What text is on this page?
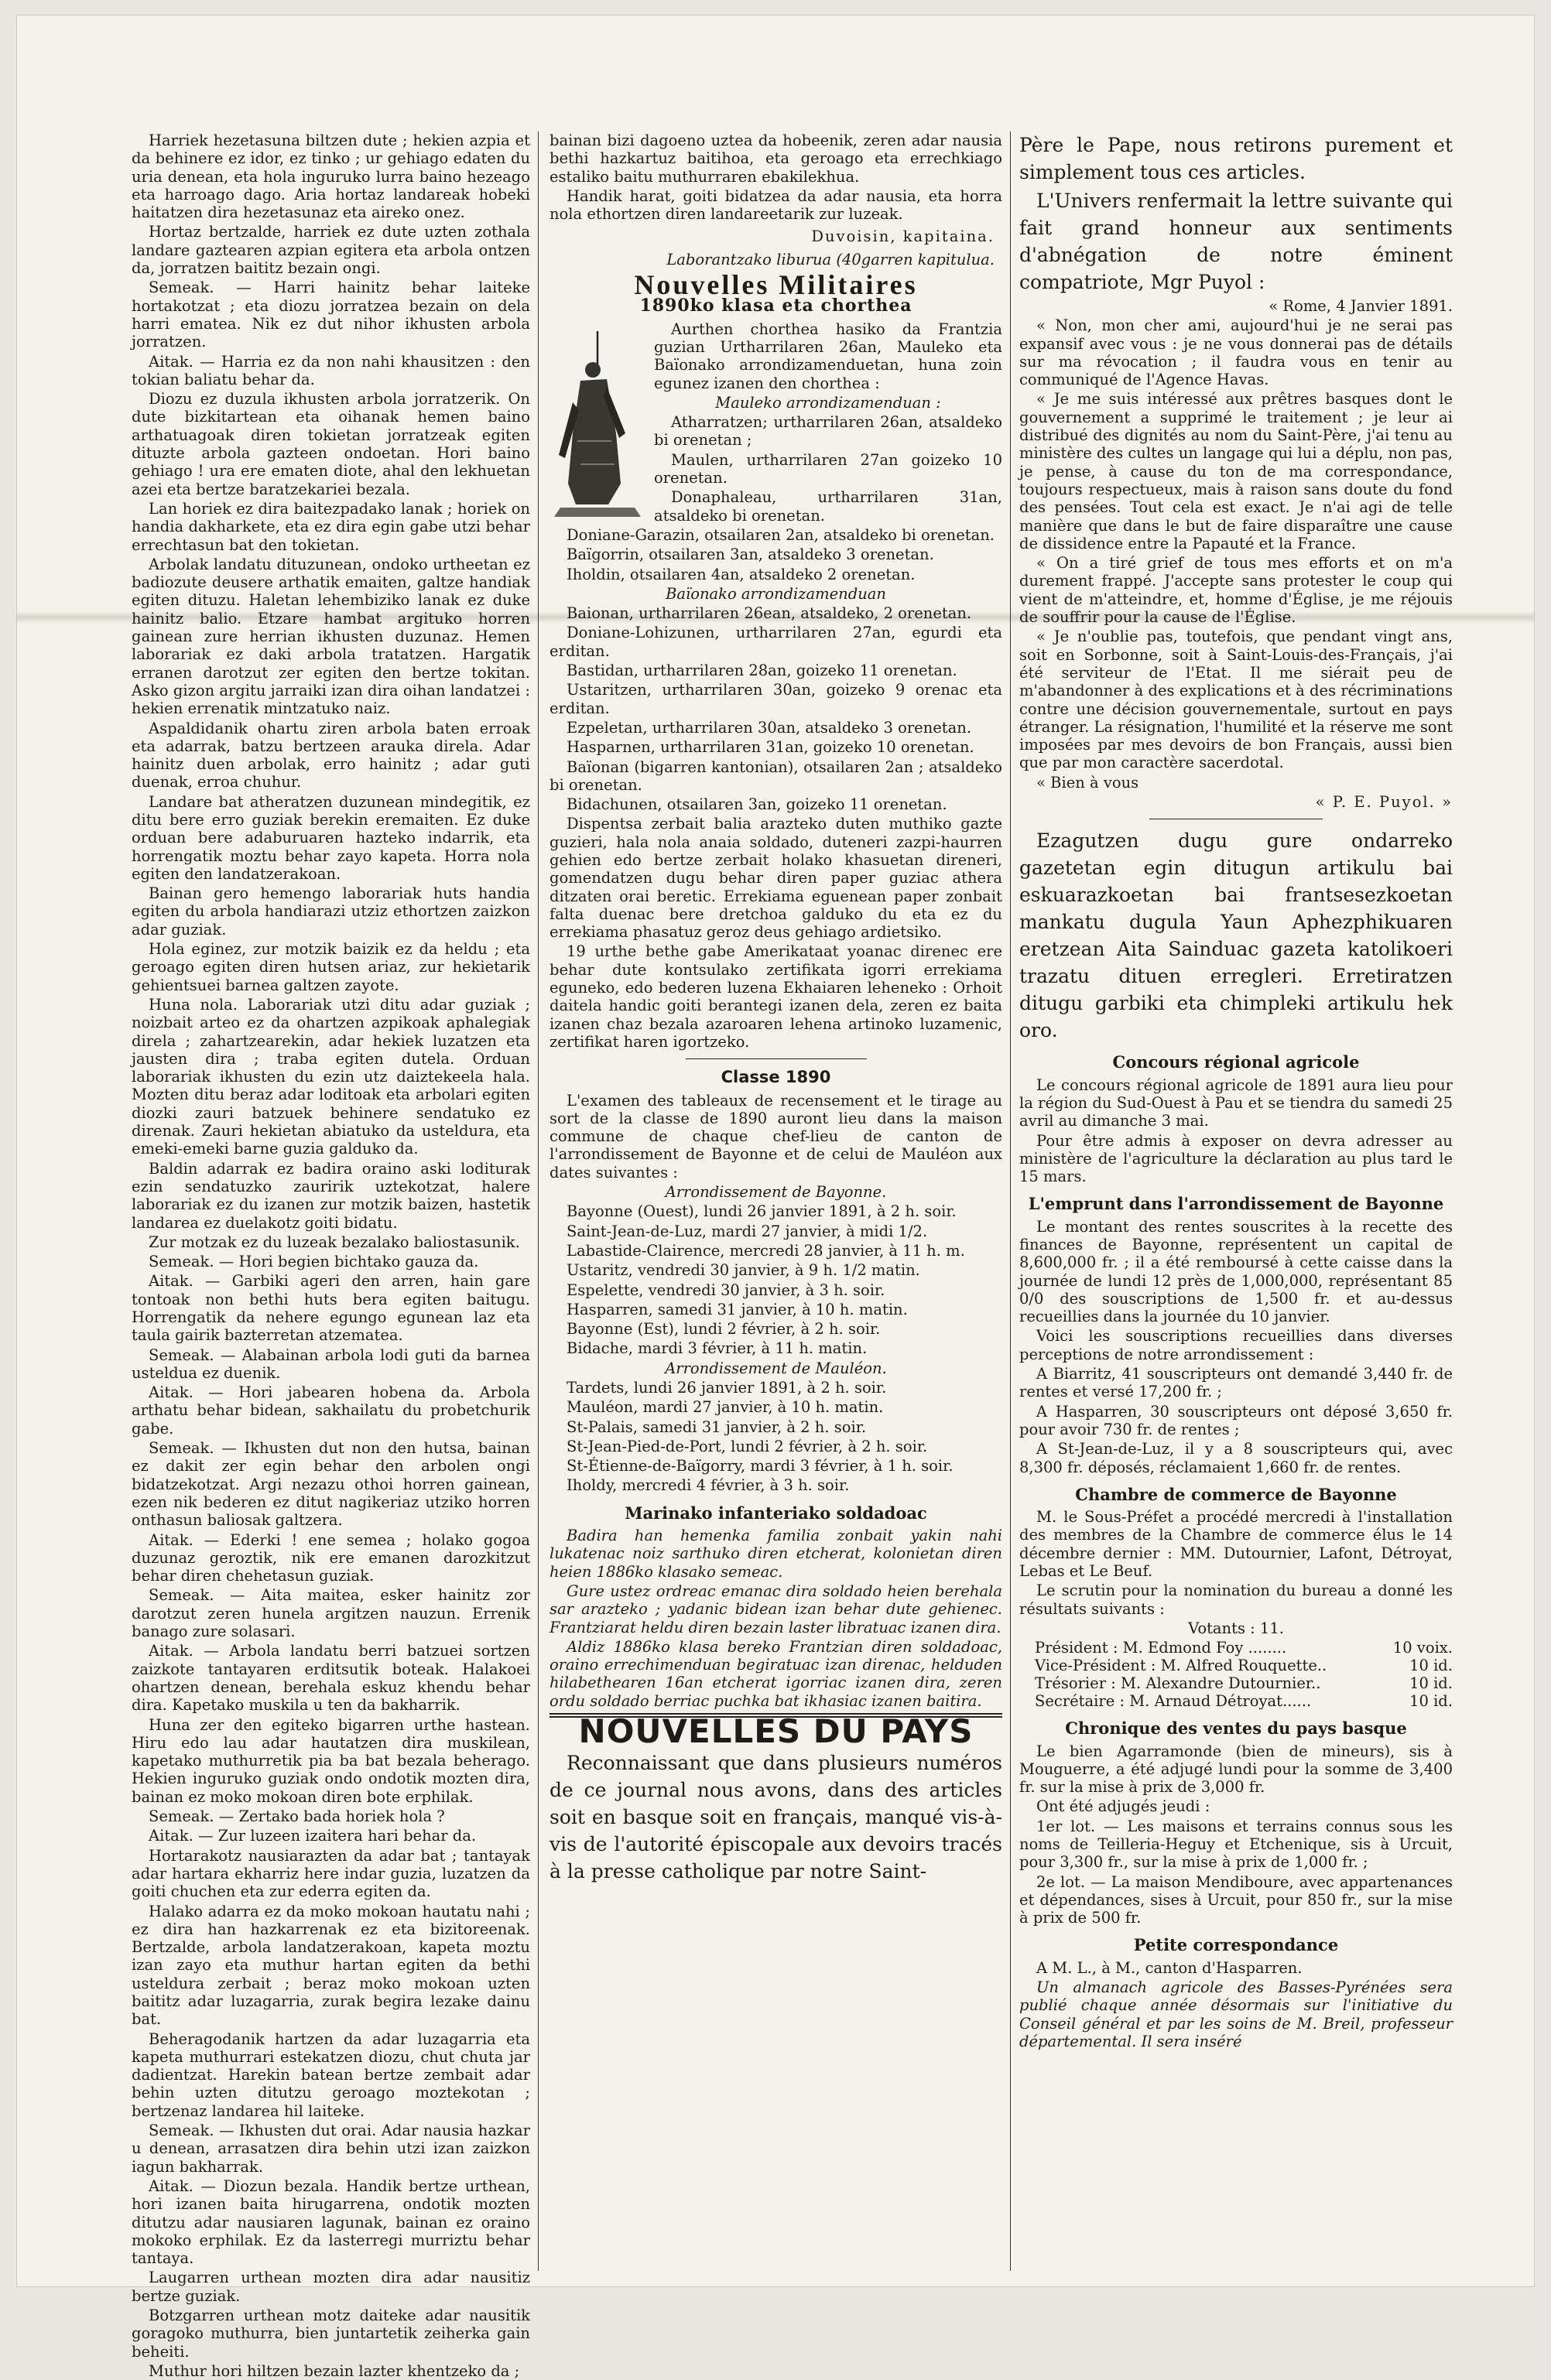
Harriek hezetasuna biltzen dute ; hekien azpia et da behinere ez idor, ez tinko ; ur gehiago edaten du uria denean, eta hola inguruko lurra baino hezeago eta harroago dago. Aria hortaz landareak hobeki haitatzen dira hezetasunaz eta aireko onez.

Hortaz bertzalde, harriek ez dute uzten zothala landare gaztearen azpian egitera eta arbola ontzen da, jorratzen baititz bezain ongi.

Semeak. — Harri hainitz behar laiteke hortakotzat ; eta diozu jorratzea bezain on dela harri ematea. Nik ez dut nihor ikhusten arbola jorratzen.

Aitak. — Harria ez da non nahi khausitzen : den tokian baliatu behar da.

Diozu ez duzula ikhusten arbola jorratzerik. On dute bizkitartean eta oihanak hemen baino arthatuagoak diren tokietan jorratzeak egiten dituzte arbola gazteen ondoetan. Hori baino gehiago ! ura ere ematen diote, ahal den lekhuetan azei eta bertze baratzekariei bezala.

Lan horiek ez dira baitezpadako lanak ; horiek on handia dakharkete, eta ez dira egin gabe utzi behar errechtasun bat den tokietan.

Arbolak landatu dituzunean, ondoko urtheetan ez badiozute deusere arthatik emaiten, galtze handiak egiten dituzu. Haletan lehembiziko lanak ez duke hainitz balio. Etzare hambat argituko horren gainean zure herrian ikhusten duzunaz. Hemen laborariak ez daki arbola tratatzen. Hargatik erranen darotzut zer egiten den bertze tokitan. Asko gizon argitu jarraiki izan dira oihan landatzei : hekien errenatik mintzatuko naiz.

Aspaldidanik ohartu ziren arbola baten erroak eta adarrak, batzu bertzeen arauka direla. Adar hainitz duen arbolak, erro hainitz ; adar guti duenak, erroa chuhur.

Landare bat atheratzen duzunean mindegitik, ez ditu bere erro guziak berekin eremaiten. Ez duke orduan bere adaburuaren hazteko indarrik, eta horrengatik moztu behar zayo kapeta. Horra nola egiten den landatzerakoan.

Bainan gero hemengo laborariak huts handia egiten du arbola handiarazi utziz ethortzen zaizkon adar guziak.

Hola eginez, zur motzik baizik ez da heldu ; eta geroago egiten diren hutsen ariaz, zur hekietarik gehientsuei barnea galtzen zayote.

Huna nola. Laborariak utzi ditu adar guziak ; noizbait arteo ez da ohartzen azpikoak aphalegiak direla ; zahartzearekin, adar hekiek luzatzen eta jausten dira ; traba egiten dutela. Orduan laborariak ikhusten du ezin utz daiztekeela hala. Mozten ditu beraz adar loditoak eta arbolari egiten diozki zauri batzuek behinere sendatuko ez direnak. Zauri hekietan abiatuko da usteldura, eta emeki-emeki barne guzia galduko da.

Baldin adarrak ez badira oraino aski loditurak ezin sendatuzko zauririk uztekotzat, halere laborariak ez du izanen zur motzik baizen, hastetik landarea ez duelakotz goiti bidatu.

Zur motzak ez du luzeak bezalako baliostasunik.

Semeak. — Hori begien bichtako gauza da.

Aitak. — Garbiki ageri den arren, hain gare tontoak non bethi huts bera egiten baitugu. Horrengatik da nehere egungo egunean laz eta taula gairik bazterretan atzematea.

Semeak. — Alabainan arbola lodi guti da barnea usteldua ez duenik.

Aitak. — Hori jabearen hobena da. Arbola arthatu behar bidean, sakhailatu du probetchurik gabe.

Semeak. — Ikhusten dut non den hutsa, bainan ez dakit zer egin behar den arbolen ongi bidatzekotzat. Argi nezazu othoi horren gainean, ezen nik bederen ez ditut nagikeriaz utziko horren onthasun baliosak galtzera.

Aitak. — Ederki ! ene semea ; holako gogoa duzunaz geroztik, nik ere emanen darozkitzut behar diren chehetasun guziak.

Semeak. — Aita maitea, esker hainitz zor darotzut zeren hunela argitzen nauzun. Errenik banago zure solasari.

Aitak. — Arbola landatu berri batzuei sortzen zaizkote tantayaren erditsutik boteak. Halakoei ohartzen denean, berehala eskuz khendu behar dira. Kapetako muskila u ten da bakharrik.

Huna zer den egiteko bigarren urthe hastean. Hiru edo lau adar hautatzen dira muskilean, kapetako muthurretik pia ba bat bezala beherago. Hekien inguruko guziak ondo ondotik mozten dira, bainan ez moko mokoan diren bote erphilak.

Semeak. — Zertako bada horiek hola ?

Aitak. — Zur luzeen izaitera hari behar da.

Hortarakotz nausiarazten da adar bat ; tantayak adar hartara ekharriz here indar guzia, luzatzen da goiti chuchen eta zur ederra egiten da.

Halako adarra ez da moko mokoan hautatu nahi ; ez dira han hazkarrenak ez eta bizitoreenak. Bertzalde, arbola landatzerakoan, kapeta moztu izan zayo eta muthur hartan egiten da bethi usteldura zerbait ; beraz moko mokoan uzten baititz adar luzagarria, zurak begira lezake dainu bat.

Beheragodanik hartzen da adar luzagarria eta kapeta muthurrari estekatzen diozu, chut chuta jar dadientzat. Harekin batean bertze zembait adar behin uzten ditutzu geroago moztekotan ; bertzenaz landarea hil laiteke.

Semeak. — Ikhusten dut orai. Adar nausia hazkar u denean, arrasatzen dira behin utzi izan zaizkon iagun bakharrak.

Aitak. — Diozun bezala. Handik bertze urthean, hori izanen baita hirugarrena, ondotik mozten ditutzu adar nausiaren lagunak, bainan ez oraino mokoko erphilak. Ez da lasterregi murriztu behar tantaya.

Laugarren urthean mozten dira adar nausitiz bertze guziak.

Botzgarren urthean motz daiteke adar nausitik goragoko muthurra, bien juntartetik zeiherka gain beheiti.

Muthur hori hiltzen bezain lazter khentzeko da ;

bainan bizi dagoeno uztea da hobeenik, zeren adar nausia bethi hazkartuz baitihoa, eta geroago eta errechkiago estaliko baitu muthurraren ebakilekhua.

Handik harat, goiti bidatzea da adar nausia, eta horra nola ethortzen diren landareetarik zur luzeak.

Duvoisin, kapitaina.

Laborantzako liburua (40garren kapitulua.

Nouvelles Militaires
1890ko klasa eta chorthea

Aurthen chorthea hasiko da Frantzia guzian Urtharrilaren 26an, Mauleko eta Baïonako arrondizamenduetan, huna zoin egunez izanen den chorthea :

Mauleko arrondizamenduan :

Atharratzen; urtharrilaren 26an, atsaldeko bi orenetan ;

Maulen, urtharrilaren 27an goizeko 10 orenetan.

Donaphaleau, urtharrilaren 31an, atsaldeko bi orenetan.

Doniane-Garazin, otsailaren 2an, atsaldeko bi orenetan.

Baïgorrin, otsailaren 3an, atsaldeko 3 orenetan.

Iholdin, otsailaren 4an, atsaldeko 2 orenetan.

Baïonako arrondizamenduan

Baionan, urtharrilaren 26ean, atsaldeko, 2 orenetan.

Doniane-Lohizunen, urtharrilaren 27an, egurdi eta erditan.

Bastidan, urtharrilaren 28an, goizeko 11 orenetan.

Ustaritzen, urtharrilaren 30an, goizeko 9 orenac eta erditan.

Ezpeletan, urtharrilaren 30an, atsaldeko 3 orenetan.

Hasparnen, urtharrilaren 31an, goizeko 10 orenetan.

Baïonan (bigarren kantonian), otsailaren 2an ; atsaldeko bi orenetan.

Bidachunen, otsailaren 3an, goizeko 11 orenetan.

Dispentsa zerbait balia arazteko duten muthiko gazte guzieri, hala nola anaia soldado, duteneri zazpi-haurren gehien edo bertze zerbait holako khasuetan direneri, gomendatzen dugu behar diren paper guziac athera ditzaten orai beretic. Errekiama eguenean paper zonbait falta duenac bere dretchoa galduko du eta ez du errekiama phasatuz geroz deus gehiago ardietsiko.

19 urthe bethe gabe Amerikataat yoanac direnec ere behar dute kontsulako zertifikata igorri errekiama eguneko, edo bederen luzena Ekhaiaren leheneko : Orhoit daitela handic goiti berantegi izanen dela, zeren ez baita izanen chaz bezala azaroaren lehena artinoko luzamenic, zertifikat haren igortzeko.

Classe 1890

L'examen des tableaux de recensement et le tirage au sort de la classe de 1890 auront lieu dans la maison commune de chaque chef-lieu de canton de l'arrondissement de Bayonne et de celui de Mauléon aux dates suivantes :

Arrondissement de Bayonne.

Bayonne (Ouest), lundi 26 janvier 1891, à 2 h. soir.

Saint-Jean-de-Luz, mardi 27 janvier, à midi 1/2.

Labastide-Clairence, mercredi 28 janvier, à 11 h. m.

Ustaritz, vendredi 30 janvier, à 9 h. 1/2 matin.

Espelette, vendredi 30 janvier, à 3 h. soir.

Hasparren, samedi 31 janvier, à 10 h. matin.

Bayonne (Est), lundi 2 février, à 2 h. soir.

Bidache, mardi 3 février, à 11 h. matin.

Arrondissement de Mauléon.

Tardets, lundi 26 janvier 1891, à 2 h. soir.

Mauléon, mardi 27 janvier, à 10 h. matin.

St-Palais, samedi 31 janvier, à 2 h. soir.

St-Jean-Pied-de-Port, lundi 2 février, à 2 h. soir.

St-Étienne-de-Baïgorry, mardi 3 février, à 1 h. soir.

Iholdy, mercredi 4 février, à 3 h. soir.

Marinako infanteriako soldadoac

Badira han hemenka familia zonbait yakin nahi lukatenac noiz sarthuko diren etcherat, kolonietan diren heien 1886ko klasako semeac.

Gure ustez ordreac emanac dira soldado heien berehala sar arazteko ; yadanic bidean izan behar dute gehienec. Frantziarat heldu diren bezain laster libratuac izanen dira.

Aldiz 1886ko klasa bereko Frantzian diren soldadoac, oraino errechimenduan begiratuac izan direnac, helduden hilabethearen 16an etcherat igorriac izanen dira, zeren ordu soldado berriac puchka bat ikhasiac izanen baitira.

NOUVELLES DU PAYS

Reconnaissant que dans plusieurs numéros de ce journal nous avons, dans des articles soit en basque soit en français, manqué vis-à-vis de l'autorité épiscopale aux devoirs tracés à la presse catholique par notre Saint-

Père le Pape, nous retirons purement et simplement tous ces articles.

L'Univers renfermait la lettre suivante qui fait grand honneur aux sentiments d'abnégation de notre éminent compatriote, Mgr Puyol :

« Rome, 4 Janvier 1891.

« Non, mon cher ami, aujourd'hui je ne serai pas expansif avec vous : je ne vous donnerai pas de détails sur ma révocation ; il faudra vous en tenir au communiqué de l'Agence Havas.

« Je me suis intéressé aux prêtres basques dont le gouvernement a supprimé le traitement ; je leur ai distribué des dignités au nom du Saint-Père, j'ai tenu au ministère des cultes un langage qui lui a déplu, non pas, je pense, à cause du ton de ma correspondance, toujours respectueux, mais à raison sans doute du fond des pensées. Tout cela est exact. Je n'ai agi de telle manière que dans le but de faire disparaître une cause de dissidence entre la Papauté et la France.

« On a tiré grief de tous mes efforts et on m'a durement frappé. J'accepte sans protester le coup qui vient de m'atteindre, et, homme d'Église, je me réjouis de souffrir pour la cause de l'Église.

« Je n'oublie pas, toutefois, que pendant vingt ans, soit en Sorbonne, soit à Saint-Louis-des-Français, j'ai été serviteur de l'Etat. Il me siérait peu de m'abandonner à des explications et à des récriminations contre une décision gouvernementale, surtout en pays étranger. La résignation, l'humilité et la réserve me sont imposées par mes devoirs de bon Français, aussi bien que par mon caractère sacerdotal.

« Bien à vous

« P. E. Puyol. »

Ezagutzen dugu gure ondarreko gazetetan egin ditugun artikulu bai eskuarazkoetan bai frantsesezkoetan mankatu dugula Yaun Aphezphikuaren eretzean Aita Sainduac gazeta katolikoeri trazatu dituen erregleri. Erretiratzen ditugu garbiki eta chimpleki artikulu hek oro.

Concours régional agricole

Le concours régional agricole de 1891 aura lieu pour la région du Sud-Ouest à Pau et se tiendra du samedi 25 avril au dimanche 3 mai.

Pour être admis à exposer on devra adresser au ministère de l'agriculture la déclaration au plus tard le 15 mars.

L'emprunt dans l'arrondissement de Bayonne

Le montant des rentes souscrites à la recette des finances de Bayonne, représentent un capital de 8,600,000 fr. ; il a été remboursé à cette caisse dans la journée de lundi 12 près de 1,000,000, représentant 85 0/0 des souscriptions de 1,500 fr. et au-dessus recueillies dans la journée du 10 janvier.

Voici les souscriptions recueillies dans diverses perceptions de notre arrondissement :

A Biarritz, 41 souscripteurs ont demandé 3,440 fr. de rentes et versé 17,200 fr. ;

A Hasparren, 30 souscripteurs ont déposé 3,650 fr. pour avoir 730 fr. de rentes ;

A St-Jean-de-Luz, il y a 8 souscripteurs qui, avec 8,300 fr. déposés, réclamaient 1,660 fr. de rentes.

Chambre de commerce de Bayonne

M. le Sous-Préfet a procédé mercredi à l'installation des membres de la Chambre de commerce élus le 14 décembre dernier : MM. Dutournier, Lafont, Détroyat, Lebas et Le Beuf.

Le scrutin pour la nomination du bureau a donné les résultats suivants :

Votants : 11.

Président : M. Edmond Foy ........	10 voix.
Vice-Président : M. Alfred Rouquette..	10 id.
Trésorier : M. Alexandre Dutournier..	10 id.
Secrétaire : M. Arnaud Détroyat......	10 id.
Chronique des ventes du pays basque

Le bien Agarramonde (bien de mineurs), sis à Mouguerre, a été adjugé lundi pour la somme de 3,400 fr. sur la mise à prix de 3,000 fr.

Ont été adjugés jeudi :

1er lot. — Les maisons et terrains connus sous les noms de Teilleria-Heguy et Etchenique, sis à Urcuit, pour 3,300 fr., sur la mise à prix de 1,000 fr. ;

2e lot. — La maison Mendiboure, avec appartenances et dépendances, sises à Urcuit, pour 850 fr., sur la mise à prix de 500 fr.

Petite correspondance

A M. L., à M., canton d'Hasparren.

Un almanach agricole des Basses-Pyrénées sera publié chaque année désormais sur l'initiative du Conseil général et par les soins de M. Breil, professeur départemental. Il sera inséré
